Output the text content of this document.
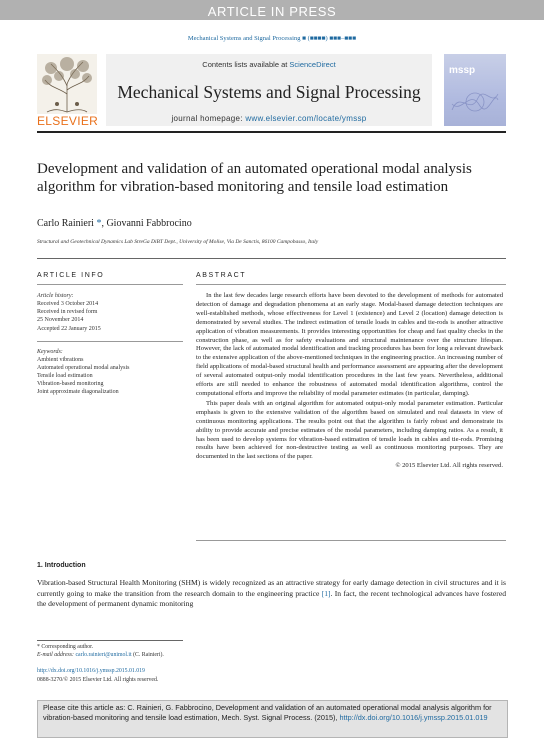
ARTICLE IN PRESS
Mechanical Systems and Signal Processing ■ (■■■■) ■■■–■■■
ELSEVIER
Contents lists available at ScienceDirect
Mechanical Systems and Signal Processing
journal homepage: www.elsevier.com/locate/ymssp
mssp
Development and validation of an automated operational modal analysis algorithm for vibration-based monitoring and tensile load estimation
Carlo Rainieri *, Giovanni Fabbrocino
Structural and Geotechnical Dynamics Lab StreGa DiBT Dept., University of Molise, Via De Sanctis, 86100 Campobasso, Italy
ARTICLE INFO
Article history:
Received 3 October 2014
Received in revised form
25 November 2014
Accepted 22 January 2015
Keywords:
Ambient vibrations
Automated operational modal analysis
Tensile load estimation
Vibration-based monitoring
Joint approximate diagonalization
ABSTRACT

In the last few decades large research efforts have been devoted to the development of methods for automated detection of damage and degradation phenomena at an early stage. Modal-based damage detection techniques are well-established methods, whose effectiveness for Level 1 (existence) and Level 2 (location) damage detection is demonstrated by several studies. The indirect estimation of tensile loads in cables and tie-rods is another attractive application of vibration measurements. It provides interesting opportunities for cheap and fast quality checks in the construction phase, as well as for safety evaluations and structural maintenance over the structure lifespan. However, the lack of automated modal identification and tracking procedures has been for long a relevant drawback to the extensive application of the above-mentioned techniques in the engineering practice. An increasing number of field applications of modal-based structural health and performance assessment are appearing after the development of several automated output-only modal identification procedures in the last few years. Nevertheless, additional efforts are still needed to enhance the robustness of automated modal identification algorithms, control the computational efforts and improve the reliability of modal parameter estimates (in particular, damping).

This paper deals with an original algorithm for automated output-only modal parameter estimation. Particular emphasis is given to the extensive validation of the algorithm based on simulated and real datasets in view of continuous monitoring applications. The results point out that the algorithm is fairly robust and demonstrate its ability to provide accurate and precise estimates of the modal parameters, including damping ratios. As a result, it has been used to develop systems for vibration-based estimation of tensile loads in cables and tie-rods. Promising results have been achieved for non-destructive testing as well as continuous monitoring purposes. They are documented in the last sections of the paper.

© 2015 Elsevier Ltd. All rights reserved.
1. Introduction
Vibration-based Structural Health Monitoring (SHM) is widely recognized as an attractive strategy for early damage detection in civil structures and it is currently going to make the transition from the research domain to the engineering practice [1]. In fact, the recent technological advances have fostered the development of permanent dynamic monitoring
* Corresponding author.
E-mail address: carlo.rainieri@unimol.it (C. Rainieri).
http://dx.doi.org/10.1016/j.ymssp.2015.01.019
0888-3270/© 2015 Elsevier Ltd. All rights reserved.
Please cite this article as: C. Rainieri, G. Fabbrocino, Development and validation of an automated operational modal analysis algorithm for vibration-based monitoring and tensile load estimation, Mech. Syst. Signal Process. (2015), http://dx.doi.org/10.1016/j.ymssp.2015.01.019
